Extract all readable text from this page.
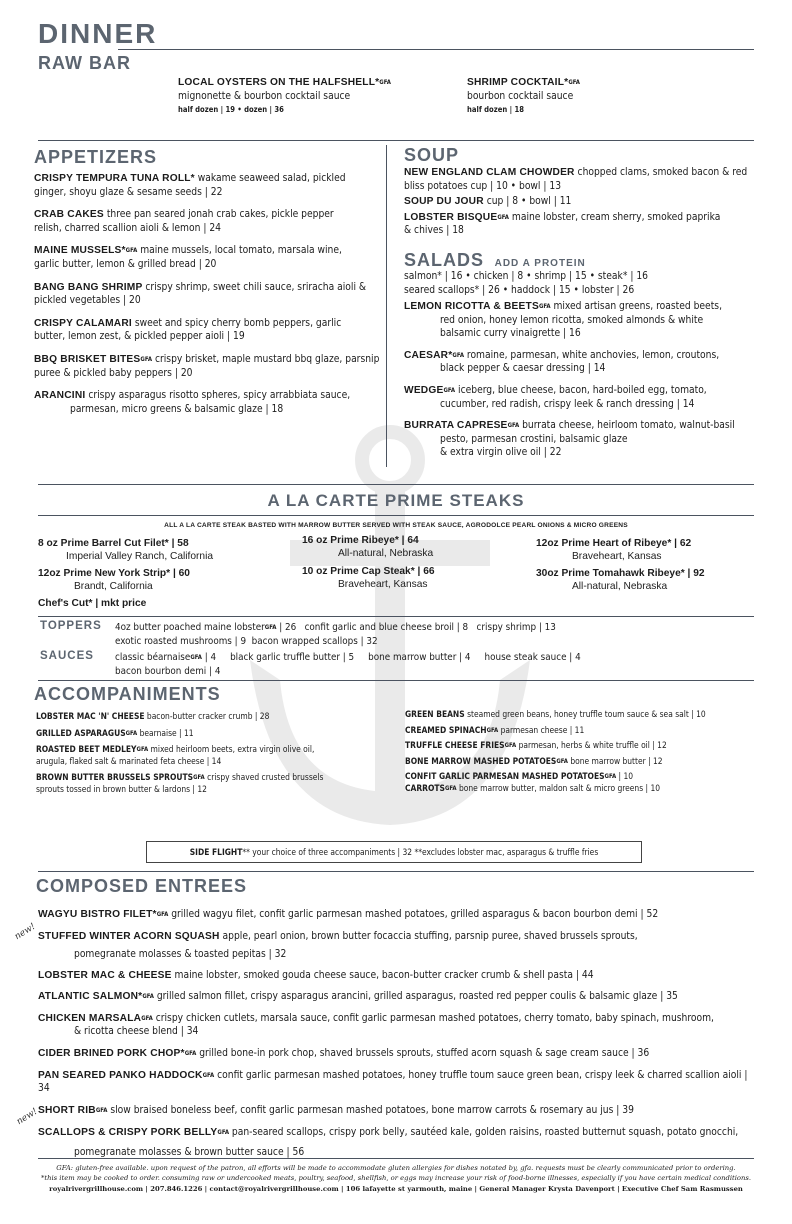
DINNER
RAW BAR
LOCAL OYSTERS ON THE HALFSHELL*$^{GFA}$
mignonette & bourbon cocktail sauce
half dozen | 19 • dozen | 36
SHRIMP COCKTAIL*$^{GFA}$
bourbon cocktail sauce
half dozen | 18
APPETIZERS
CRISPY TEMPURA TUNA ROLL* wakame seaweed salad, pickled
ginger, shoyu glaze & sesame seeds | 22
CRAB CAKES three pan seared jonah crab cakes, pickle pepper
relish, charred scallion aioli & lemon | 24
MAINE MUSSELS*$^{GFA}$ maine mussels, local tomato, marsala wine,
garlic butter, lemon & grilled bread | 20
BANG BANG SHRIMP crispy shrimp, sweet chili sauce, sriracha aioli &
pickled vegetables | 20
CRISPY CALAMARI sweet and spicy cherry bomb peppers, garlic
butter, lemon zest, & pickled pepper aioli | 19
BBQ BRISKET $BITES^{GFA}$ crispy brisket, maple mustard bbq glaze, parsnip
puree & pickled baby peppers | 20
ARANCINI crispy asparagus risotto spheres, spicy arrabbiata sauce,
parmesan, micro greens & balsamic glaze | 18
SOUP
NEW ENGLAND CLAM CHOWDER chopped clams, smoked bacon & red
bliss potatoes cup | 10 • bowl | 13
SOUP DU JOUR cup | 8 • bowl | 11
LOBSTER $BISQUE^{GFA}$ maine lobster, cream sherry, smoked paprika
& chives | 18
SALADS ADD A PROTEIN
salmon* | 16 • chicken | 8 • shrimp | 15 • steak* | 16
seared scallops* | 26 • haddock | 15 • lobster | 26
LEMON RICOTTA & $BEETS^{GFA}$ mixed artisan greens, roasted beets,
red onion, honey lemon ricotta, smoked almonds & white
balsamic curry vinaigrette | 16
CAESAR*$^{GFA}$ romaine, parmesan, white anchovies, lemon, croutons,
black pepper & caesar dressing | 14
$WEDGE^{GFA}$ iceberg, blue cheese, bacon, hard-boiled egg, tomato,
cucumber, red radish, crispy leek & ranch dressing | 14
BURRATA $CAPRESE^{GFA}$ burrata cheese, heirloom tomato, walnut-basil
pesto, parmesan crostini, balsamic glaze
& extra virgin olive oil | 22
A LA CARTE PRIME STEAKS
ALL A LA CARTE STEAK BASTED WITH MARROW BUTTER SERVED WITH STEAK SAUCE, AGRODOLCE PEARL ONIONS & MICRO GREENS
8 oz Prime Barrel Cut Filet* | 58
Imperial Valley Ranch, California
16 oz Prime Ribeye* | 64
All-natural, Nebraska
12oz Prime Heart of Ribeye* | 62
Braveheart, Kansas
12oz Prime New York Strip* | 60
Brandt, California
10 oz Prime Cap Steak* | 66
Braveheart, Kansas
30oz Prime Tomahawk Ribeye* | 92
All-natural, Nebraska
Chef's Cut* | mkt price
TOPPERS 4oz butter poached maine lobster$^{GFA}$ | 26   confit garlic and blue cheese broil | 8   crispy shrimp | 13
exotic roasted mushrooms | 9  bacon wrapped scallops | 32
SAUCES classic béarnaise$^{GFA}$ | 4     black garlic truffle butter | 5     bone marrow butter | 4     house steak sauce | 4
bacon bourbon demi | 4
ACCOMPANIMENTS
LOBSTER MAC 'N' CHEESE bacon-butter cracker crumb | 28
GRILLED $ASPARAGUS^{GFA}$ bearnaise | 11
ROASTED BEET $MEDLEY^{GFA}$ mixed heirloom beets, extra virgin olive oil,
arugula, flaked salt & marinated feta cheese | 14
BROWN BUTTER BRUSSELS $SPROUTS^{GFA}$ crispy shaved crusted brussels
sprouts tossed in brown butter & lardons | 12
GREEN BEANS steamed green beans, honey truffle toum sauce & sea salt | 10
CREAMED $SPINACH^{GFA}$ parmesan cheese | 11
TRUFFLE CHEESE $FRIES^{GFA}$ parmesan, herbs & white truffle oil | 12
BONE MARROW MASHED $POTATOES^{GFA}$ bone marrow butter | 12
CONFIT GARLIC PARMESAN MASHED $POTATOES^{GFA}$ | 10
$CARROTS^{GFA}$ bone marrow butter, maldon salt & micro greens | 10
SIDE FLIGHT** your choice of three accompaniments | 32 **excludes lobster mac, asparagus & truffle fries
COMPOSED ENTREES
new!
new!
WAGYU BISTRO FILET*$^{GFA}$ grilled wagyu filet, confit garlic parmesan mashed potatoes, grilled asparagus & bacon bourbon demi | 52
STUFFED WINTER ACORN SQUASH apple, pearl onion, brown butter focaccia stuffing, parsnip puree, shaved brussels sprouts,
pomegranate molasses & toasted pepitas | 32
LOBSTER MAC & CHEESE maine lobster, smoked gouda cheese sauce, bacon-butter cracker crumb & shell pasta | 44
ATLANTIC SALMON*$^{GFA}$ grilled salmon fillet, crispy asparagus arancini, grilled asparagus, roasted red pepper coulis & balsamic glaze | 35
CHICKEN $MARSALA^{GFA}$ crispy chicken cutlets, marsala sauce, confit garlic parmesan mashed potatoes, cherry tomato, baby spinach, mushroom,
& ricotta cheese blend | 34
CIDER BRINED PORK CHOP*$^{GFA}$ grilled bone-in pork chop, shaved brussels sprouts, stuffed acorn squash & sage cream sauce | 36
PAN SEARED PANKO $HADDOCK^{GFA}$ confit garlic parmesan mashed potatoes, honey truffle toum sauce green bean, crispy leek & charred scallion aioli | 34
SHORT $RIB^{GFA}$ slow braised boneless beef, confit garlic parmesan mashed potatoes, bone marrow carrots & rosemary au jus | 39
SCALLOPS & CRISPY PORK $BELLY^{GFA}$ pan-seared scallops, crispy pork belly, sautéed kale, golden raisins, roasted butternut squash, potato gnocchi,
pomegranate molasses & brown butter sauce | 56
GFA: gluten-free available. upon request of the patron, all efforts will be made to accommodate gluten allergies for dishes notated by, gfa. requests must be clearly communicated prior to ordering.
*this item may be cooked to order. consuming raw or undercooked meats, poultry, seafood, shellfish, or eggs may increase your risk of food-borne illnesses, especially if you have certain medical conditions.
royalrivergrillhouse.com | 207.846.1226 | contact@royalrivergrillhouse.com | 106 lafayette st yarmouth, maine | General Manager Krysta Davenport | Executive Chef Sam Rasmussen
